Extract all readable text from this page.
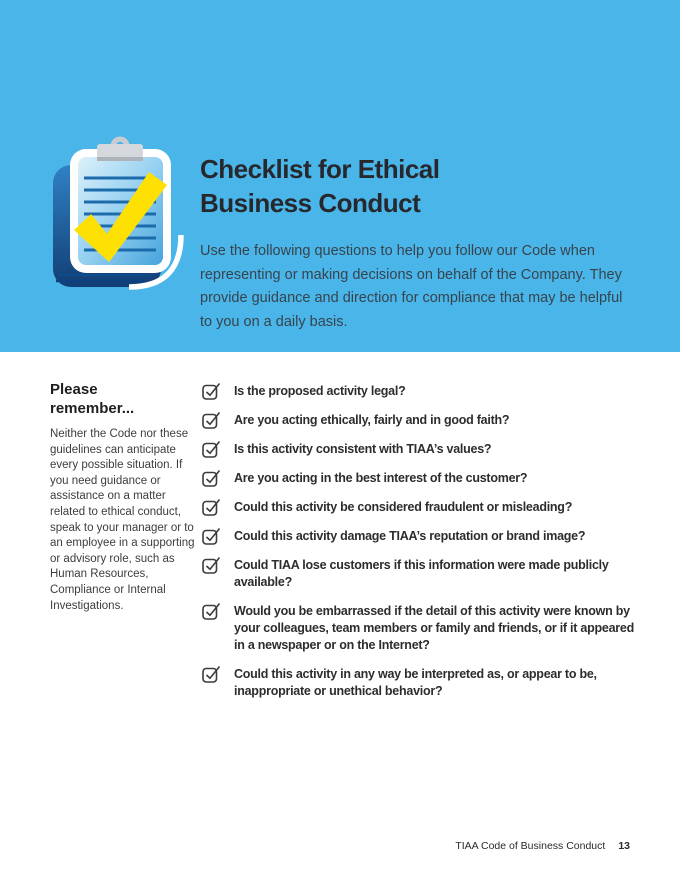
Checklist for Ethical
Business Conduct

Use the following questions to help you follow our Code when representing or making decisions on behalf of the Company. They provide guidance and direction for compliance that may be helpful to you on a daily basis.

Please remember...

Neither the Code nor these guidelines can anticipate every possible situation. If you need guidance or assistance on a matter related to ethical conduct, speak to your manager or to an employee in a supporting or advisory role, such as Human Resources, Compliance or Internal Investigations.

Is the proposed activity legal?
Are you acting ethically, fairly and in good faith?
Is this activity consistent with TIAA’s values?
Are you acting in the best interest of the customer?
Could this activity be considered fraudulent or misleading?
Could this activity damage TIAA’s reputation or brand image?
Could TIAA lose customers if this information were made publicly available?
Would you be embarrassed if the detail of this activity were known by your colleagues, team members or family and friends, or if it appeared in a newspaper or on the Internet?
Could this activity in any way be interpreted as, or appear to be, inappropriate or unethical behavior?
TIAA Code of Business Conduct 13
